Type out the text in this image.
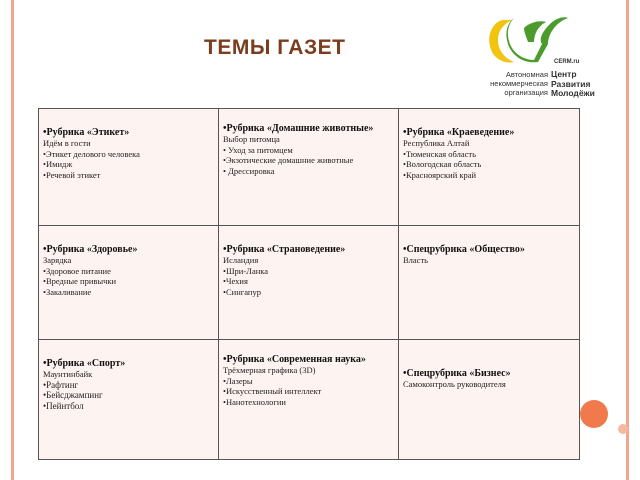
ТЕМЫ ГАЗЕТ
CERM.ru
Автономная
некоммерческая
организация
Центр
Развития
Молодёжи
•Рубрика «Этикет»
Идём в гости
•Этикет делового человека
•Имидж
•Речевой этикет
•Рубрика «Домашние животные»
Выбор питомца
• Уход за питомцем
•Экзотические домашние животные
• Дрессировка
•Рубрика «Краеведение»
Республика Алтай
•Тюменская область
•Вологодская область
•Красноярский край
•Рубрика «Здоровье»
Зарядка
•Здоровое питание
•Вредные привычки
•Закаливание
•Рубрика «Страноведение»
Исландия
•Шри-Ланка
•Чехия
•Сингапур
•Спецрубрика «Общество»
Власть
•Рубрика «Спорт»
Маунтинбайк
•Рафтинг
•Бейсджампинг
•Пейнтбол
•Рубрика «Современная наука»
Трёхмерная графика (3D)
•Лазеры
•Искусственный интеллект
•Нанотехнологии
•Спецрубрика «Бизнес»
Самоконтроль руководителя
